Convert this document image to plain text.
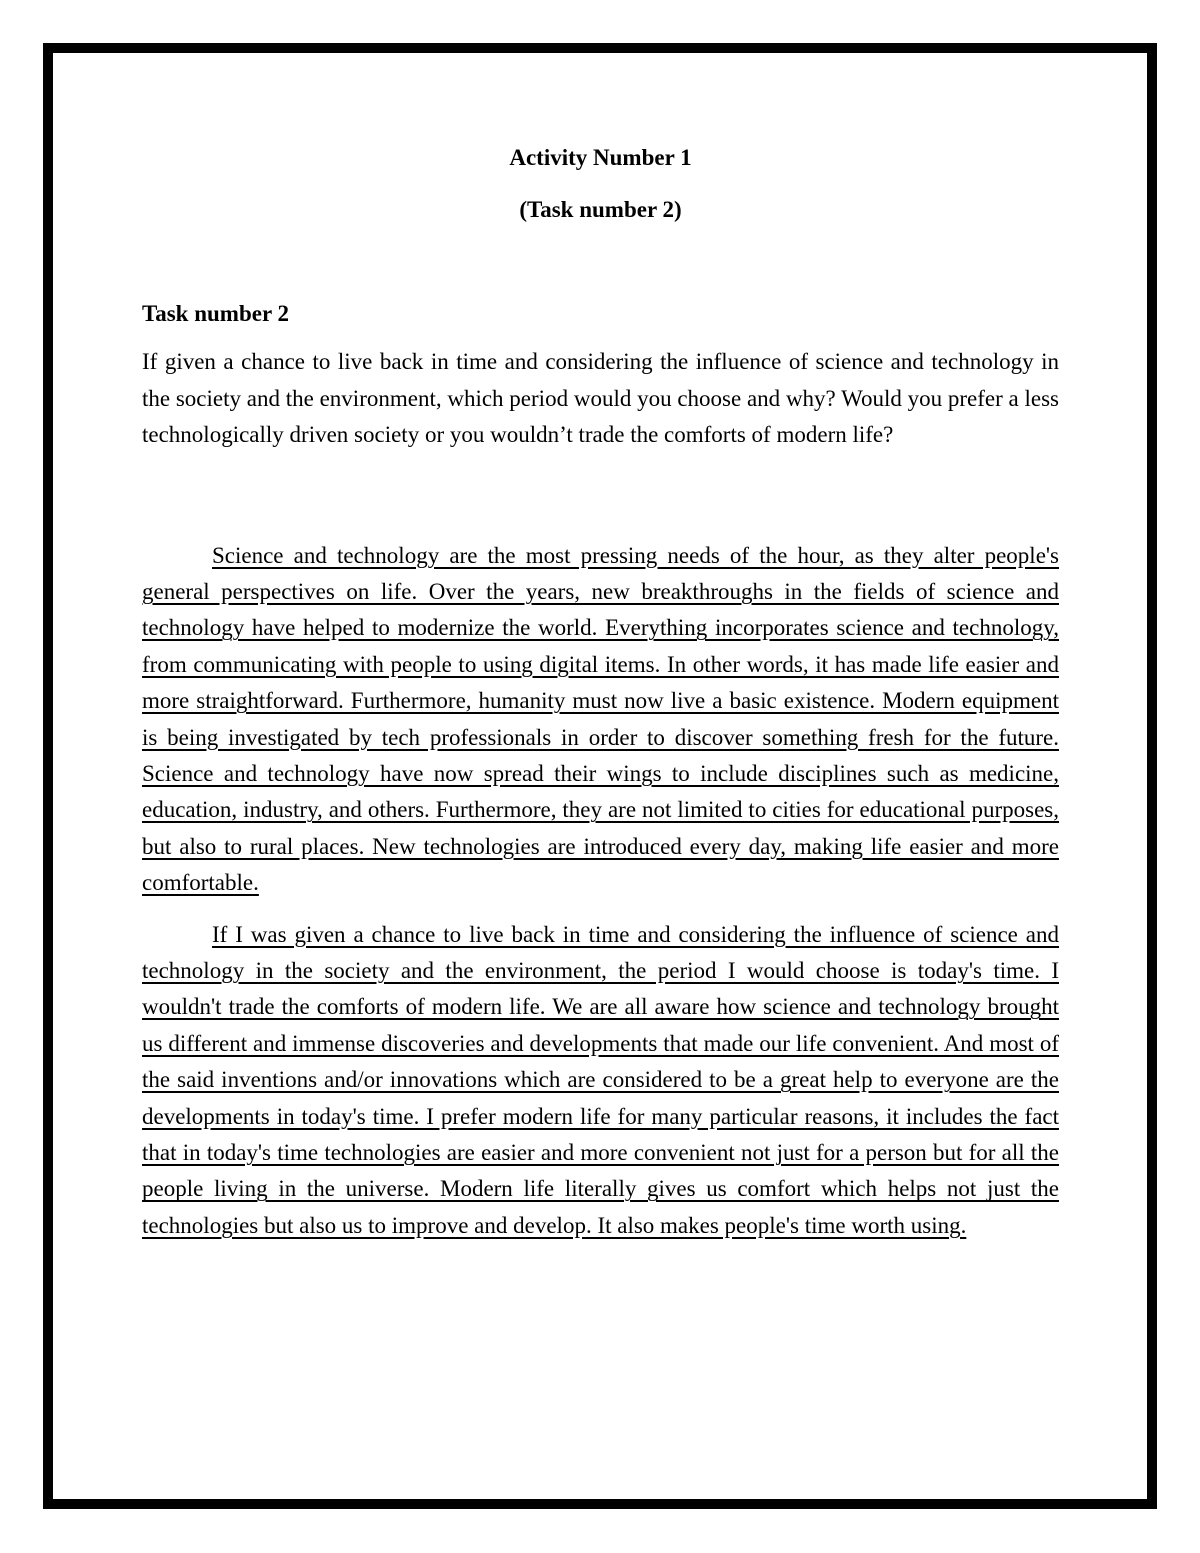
Activity Number 1

(Task number 2)

Task number 2

If given a chance to live back in time and considering the influence of science and technology in the society and the environment, which period would you choose and why? Would you prefer a less technologically driven society or you wouldn’t trade the comforts of modern life?

Science and technology are the most pressing needs of the hour, as they alter people's general perspectives on life. Over the years, new breakthroughs in the fields of science and technology have helped to modernize the world. Everything incorporates science and technology, from communicating with people to using digital items. In other words, it has made life easier and more straightforward. Furthermore, humanity must now live a basic existence. Modern equipment is being investigated by tech professionals in order to discover something fresh for the future. Science and technology have now spread their wings to include disciplines such as medicine, education, industry, and others. Furthermore, they are not limited to cities for educational purposes, but also to rural places. New technologies are introduced every day, making life easier and more comfortable.

If I was given a chance to live back in time and considering the influence of science and technology in the society and the environment, the period I would choose is today's time. I wouldn't trade the comforts of modern life. We are all aware how science and technology brought us different and immense discoveries and developments that made our life convenient. And most of the said inventions and/or innovations which are considered to be a great help to everyone are the developments in today's time. I prefer modern life for many particular reasons, it includes the fact that in today's time technologies are easier and more convenient not just for a person but for all the people living in the universe. Modern life literally gives us comfort which helps not just the technologies but also us to improve and develop. It also makes people's time worth using.
